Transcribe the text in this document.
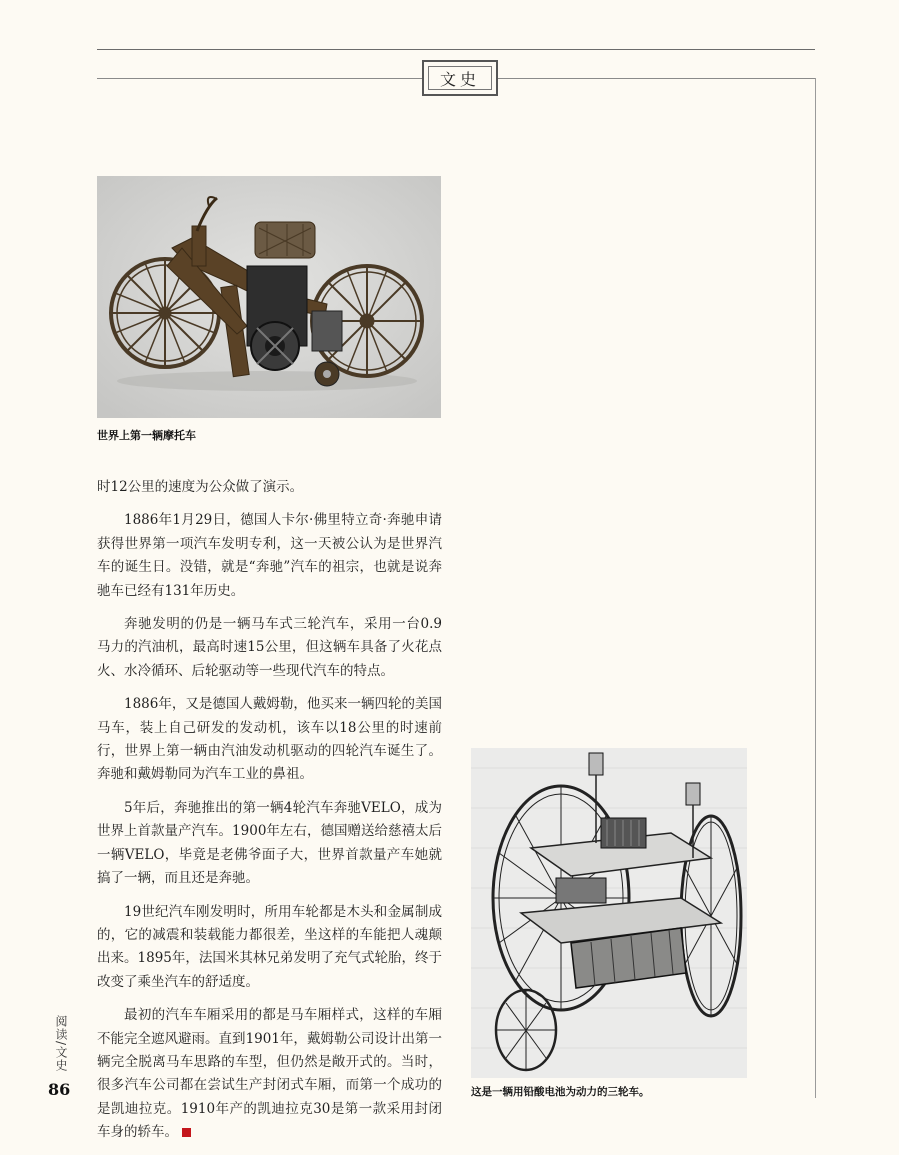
文史
世界上第一辆摩托车
这是一辆用铅酸电池为动力的三轮车。

时12公里的速度为公众做了演示。

1886年1月29日，德国人卡尔·佛里特立奇·奔驰申请获得世界第一项汽车发明专利，这一天被公认为是世界汽车的诞生日。没错，就是“奔驰”汽车的祖宗，也就是说奔驰车已经有131年历史。

奔驰发明的仍是一辆马车式三轮汽车，采用一台0.9马力的汽油机，最高时速15公里，但这辆车具备了火花点火、水冷循环、后轮驱动等一些现代汽车的特点。

1886年，又是德国人戴姆勒，他买来一辆四轮的美国马车，装上自己研发的发动机，该车以18公里的时速前行，世界上第一辆由汽油发动机驱动的四轮汽车诞生了。奔驰和戴姆勒同为汽车工业的鼻祖。

5年后，奔驰推出的第一辆4轮汽车奔驰VELO，成为世界上首款量产汽车。1900年左右，德国赠送给慈禧太后一辆VELO，毕竟是老佛爷面子大，世界首款量产车她就搞了一辆，而且还是奔驰。

19世纪汽车刚发明时，所用车轮都是木头和金属制成的，它的减震和装载能力都很差，坐这样的车能把人魂颠出来。1895年，法国米其林兄弟发明了充气式轮胎，终于改变了乘坐汽车的舒适度。

最初的汽车车厢采用的都是马车厢样式，这样的车厢不能完全遮风避雨。直到1901年，戴姆勒公司设计出第一辆完全脱离马车思路的车型，但仍然是敞开式的。当时，很多汽车公司都在尝试生产封闭式车厢，而第一个成功的是凯迪拉克。1910年产的凯迪拉克30是第一款采用封闭车身的轿车。

阅读/文史
86
